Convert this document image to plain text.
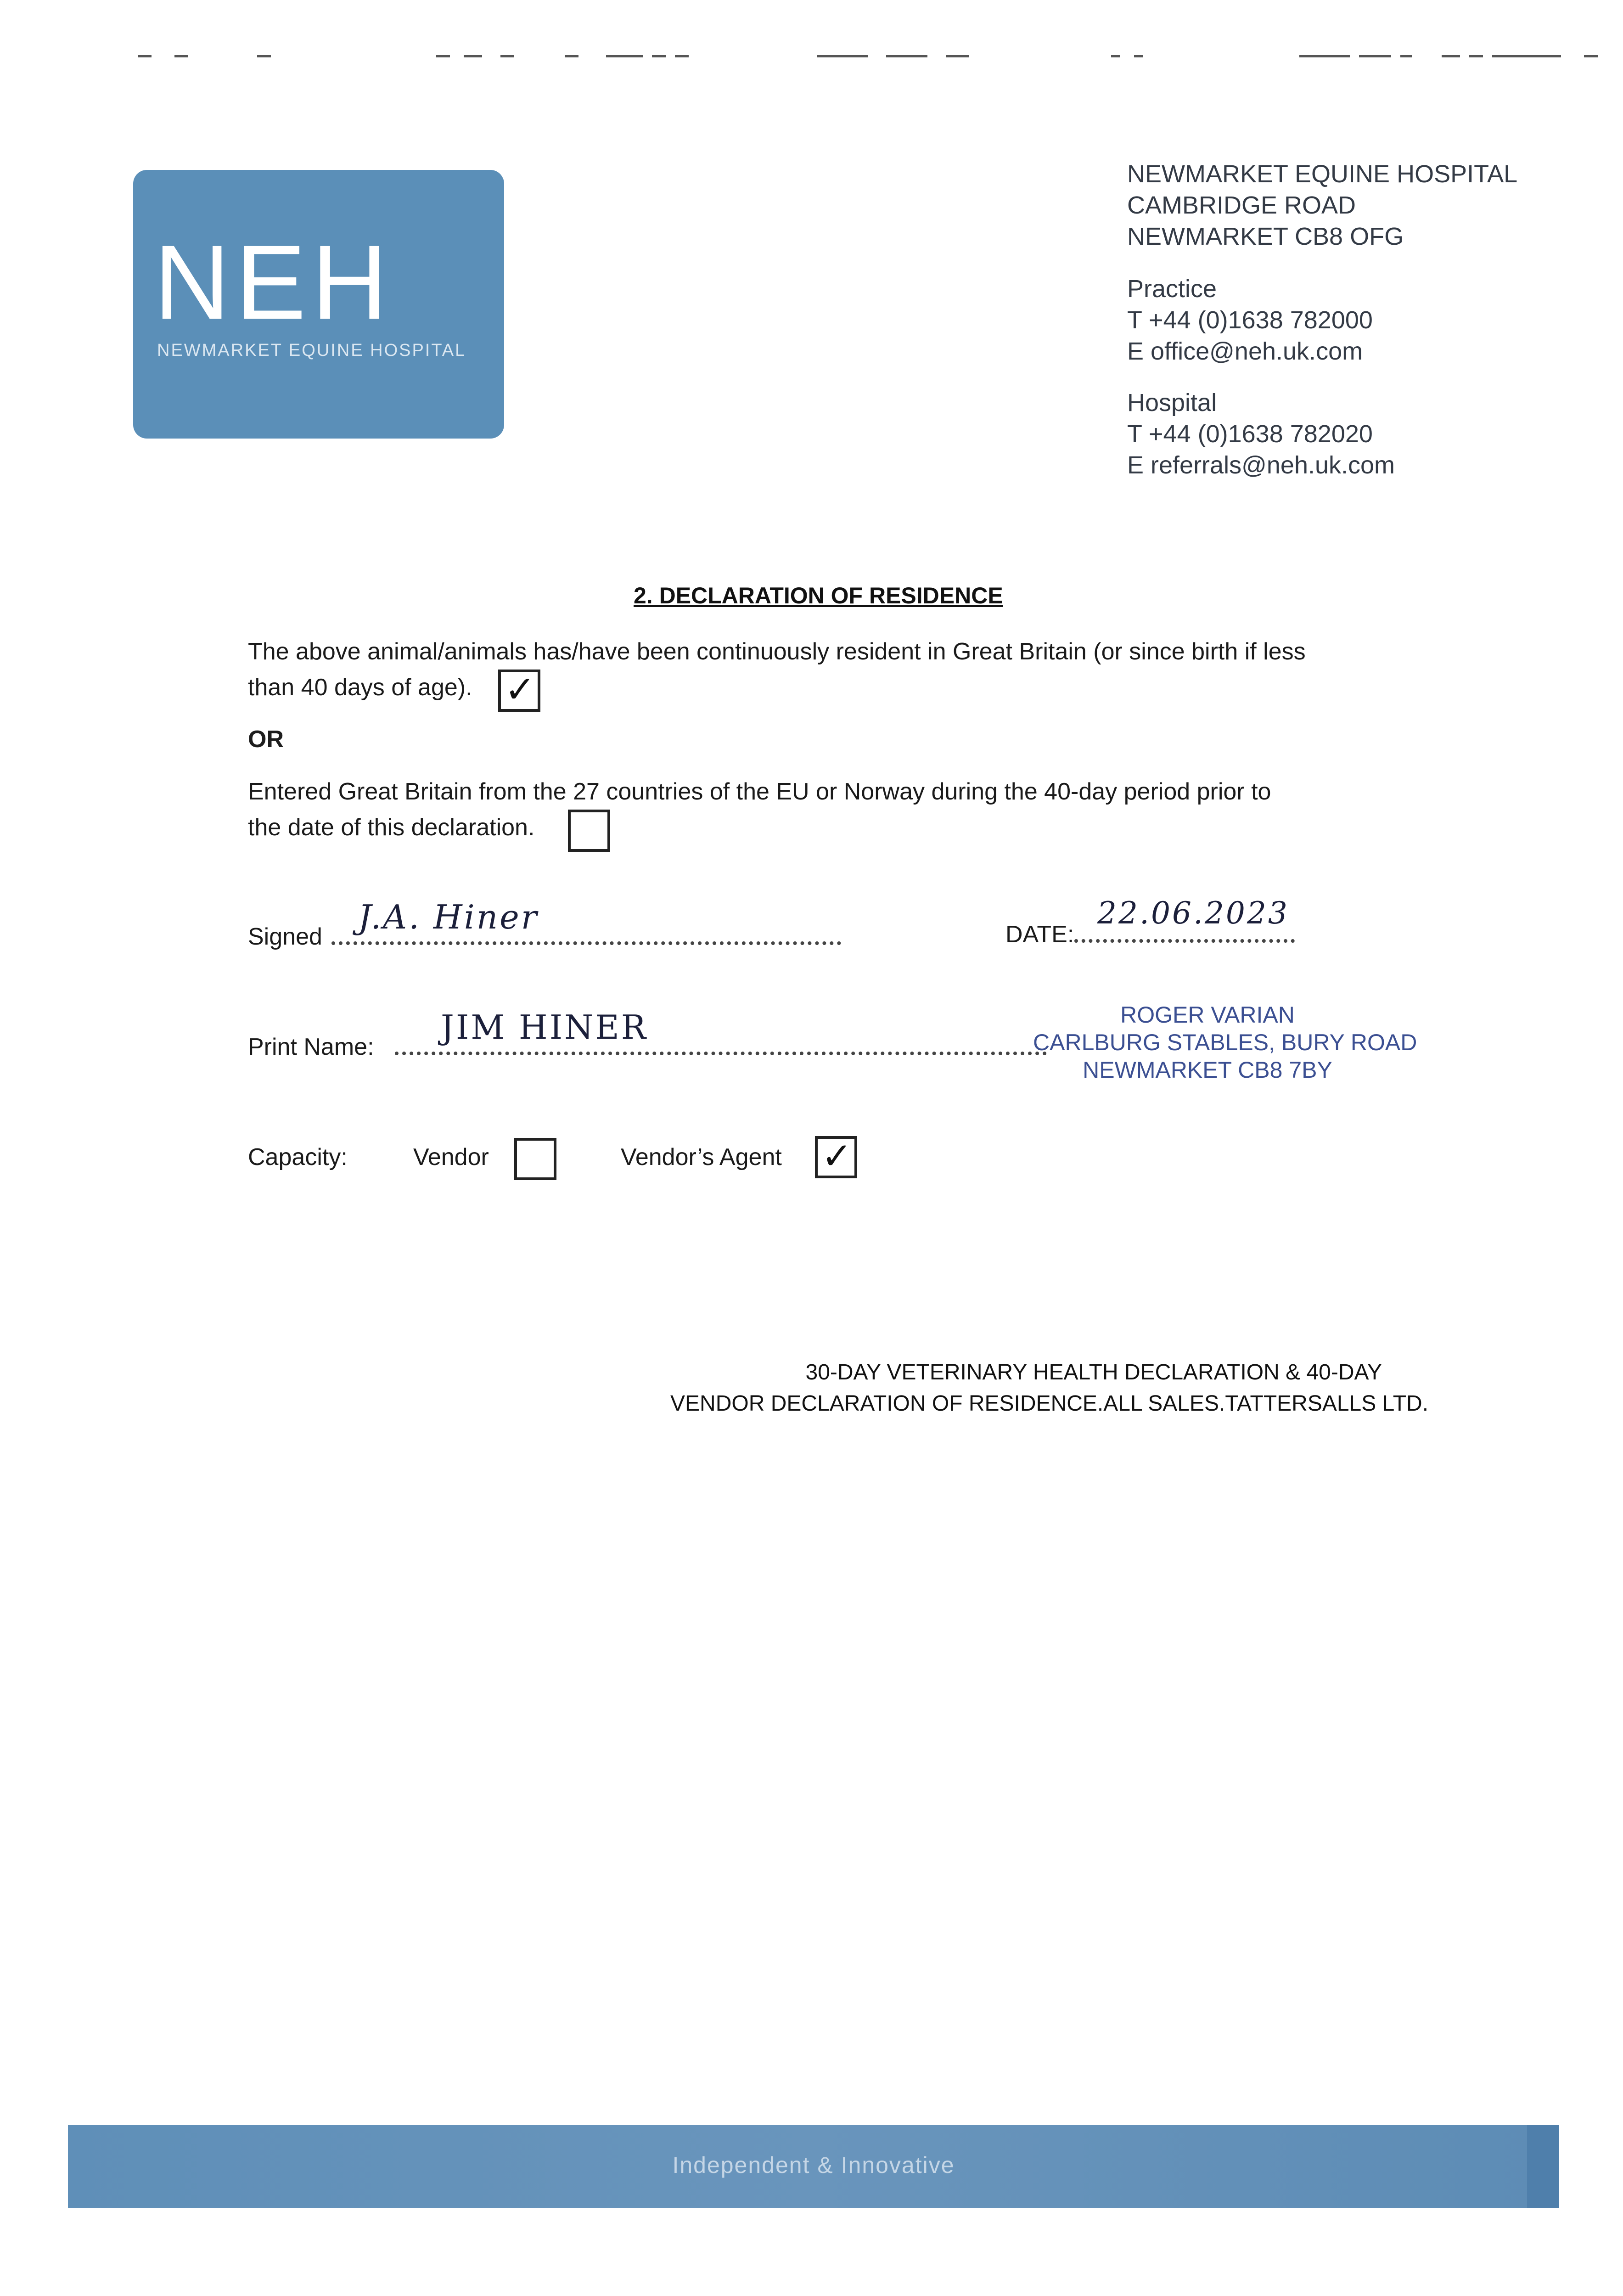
NEH
NEWMARKET EQUINE HOSPITAL
NEWMARKET EQUINE HOSPITAL
CAMBRIDGE ROAD
NEWMARKET CB8 OFG
Practice
T +44 (0)1638 782000
E office@neh.uk.com
Hospital
T +44 (0)1638 782020
E referrals@neh.uk.com
2. DECLARATION OF RESIDENCE
The above animal/animals has/have been continuously resident in Great Britain (or since birth if less
than 40 days of age). ✓
OR
Entered Great Britain from the 27 countries of the EU or Norway during the 40-day period prior to
the date of this declaration.
Signed
J.A. Hiner	DATE:
22.06.2023
Print Name:
JIM HINER	ROGER VARIAN
CARLBURG STABLES, BURY ROAD
NEWMARKET CB8 7BY
Capacity:	Vendor	Vendor’s Agent ✓
30-DAY VETERINARY HEALTH DECLARATION & 40-DAY
VENDOR DECLARATION OF RESIDENCE.ALL SALES.TATTERSALLS LTD.
Independent & Innovative
